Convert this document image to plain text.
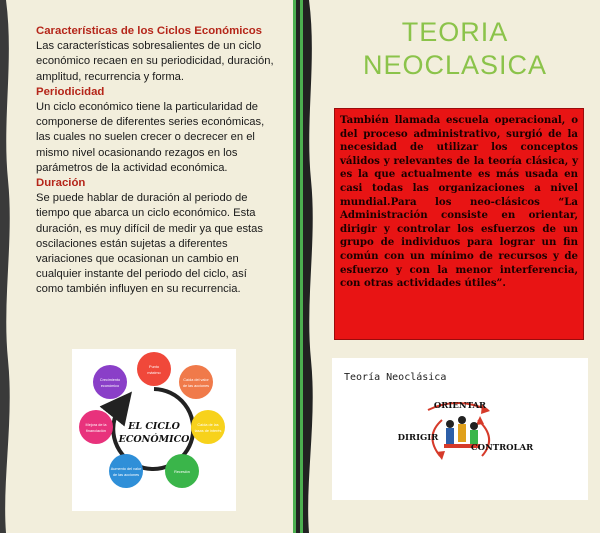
Características de los Ciclos Económicos
Las características sobresalientes de un ciclo económico recaen en su periodicidad, duración, amplitud, recurrencia y forma.
Periodicidad
Un ciclo económico tiene la particularidad de componerse de diferentes series económicas, las cuales no suelen crecer o decrecer en el mismo nivel ocasionando rezagos en los parámetros de la actividad económica.
Duración
Se puede hablar de duración al periodo de tiempo que abarca un ciclo económico. Esta duración, es muy difícil de medir ya que estas oscilaciones están sujetas a diferentes variaciones que ocasionan un cambio en cualquier instante del periodo del ciclo, así como también influyen en su recurrencia.
EL CICLO
ECONÓMICO
Punto
máximo
Caída del valor
de las acciones
Caída de las
tasas de interés
Recesión
Aumento del valor
de las acciones
Mejora de la
financiación
Crecimiento
económico
TEORIA
NEOCLASICA
También llamada escuela operacional, o del proceso administrativo, surgió de la necesidad de utilizar los conceptos válidos y relevantes de la teoría clásica, y es la que actualmente es más usada en casi todas las organizaciones a nivel mundial.Para los neo-clásicos “La Administración consiste en orientar, dirigir y controlar los esfuerzos de un grupo de individuos para lograr un fin común con un mínimo de recursos y de esfuerzo y con la menor interferencia, con otras actividades útiles”.
Teoría Neoclásica
ORIENTAR
DIRIGIR
CONTROLAR
